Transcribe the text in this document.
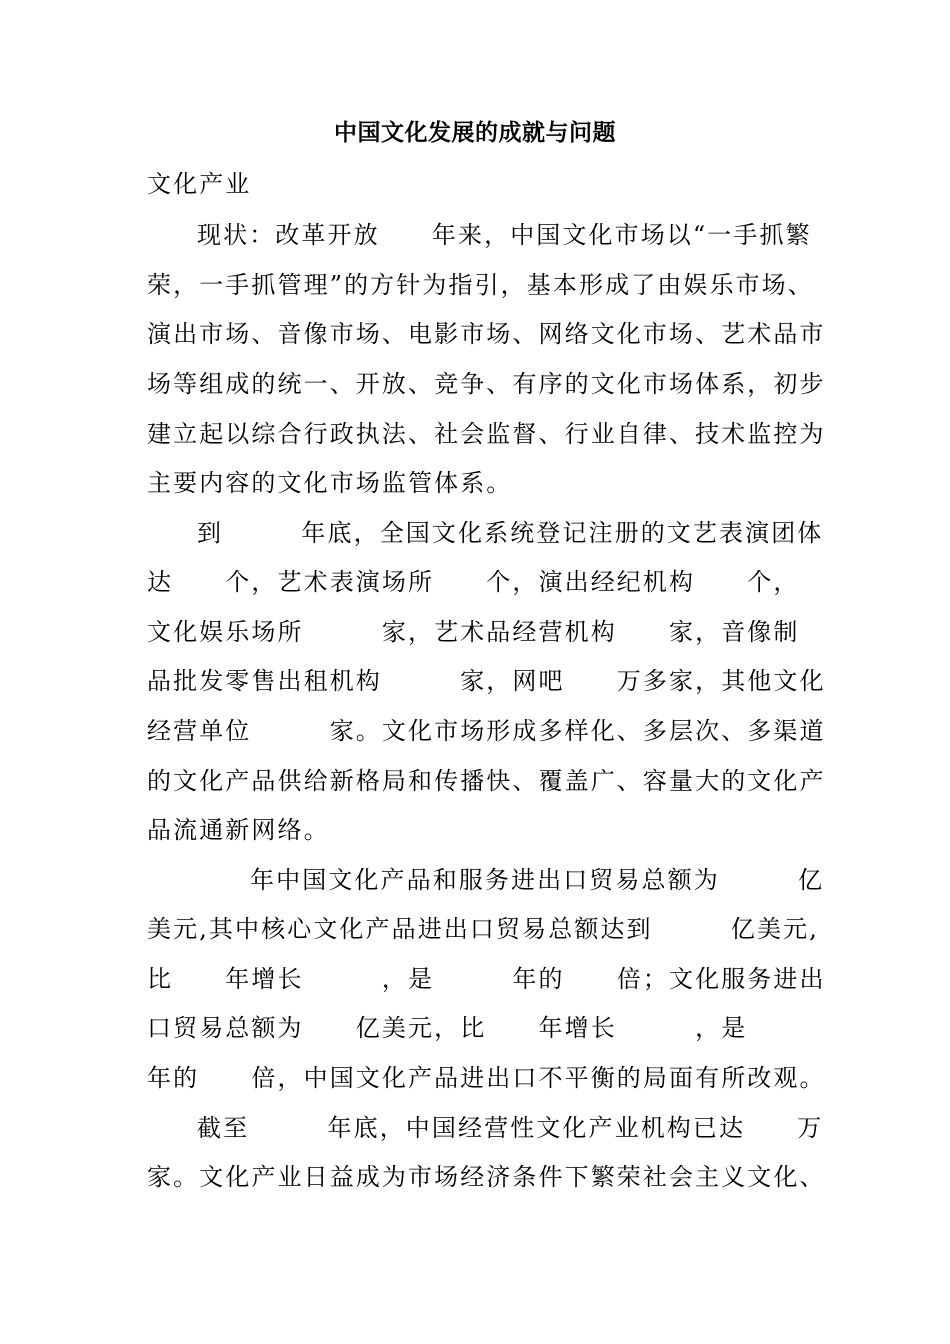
中国文化发展的成就与问题
文化产业
现状：改革开放　　年来，中国文化市场以“一手抓繁
荣，一手抓管理”的方针为指引，基本形成了由娱乐市场、
演出市场、音像市场、电影市场、网络文化市场、艺术品市
场等组成的统一、开放、竞争、有序的文化市场体系，初步
建立起以综合行政执法、社会监督、行业自律、技术监控为
主要内容的文化市场监管体系。
到　　　年底，全国文化系统登记注册的文艺表演团体
达　　个，艺术表演场所　　个，演出经纪机构　　个，
文化娱乐场所　　　家，艺术品经营机构　　家，音像制
品批发零售出租机构　　　家，网吧　　万多家，其他文化
经营单位　　　家。文化市场形成多样化、多层次、多渠道
的文化产品供给新格局和传播快、覆盖广、容量大的文化产
品流通新网络。
年中国文化产品和服务进出口贸易总额为　　　亿
美元,其中核心文化产品进出口贸易总额达到　　　亿美元,
比　　年增长　　　，是　　　年的　　倍；文化服务进出
口贸易总额为　　亿美元，比　　年增长　　　，是
年的　　倍，中国文化产品进出口不平衡的局面有所改观。
截至　　　年底，中国经营性文化产业机构已达　　万
家。文化产业日益成为市场经济条件下繁荣社会主义文化、
